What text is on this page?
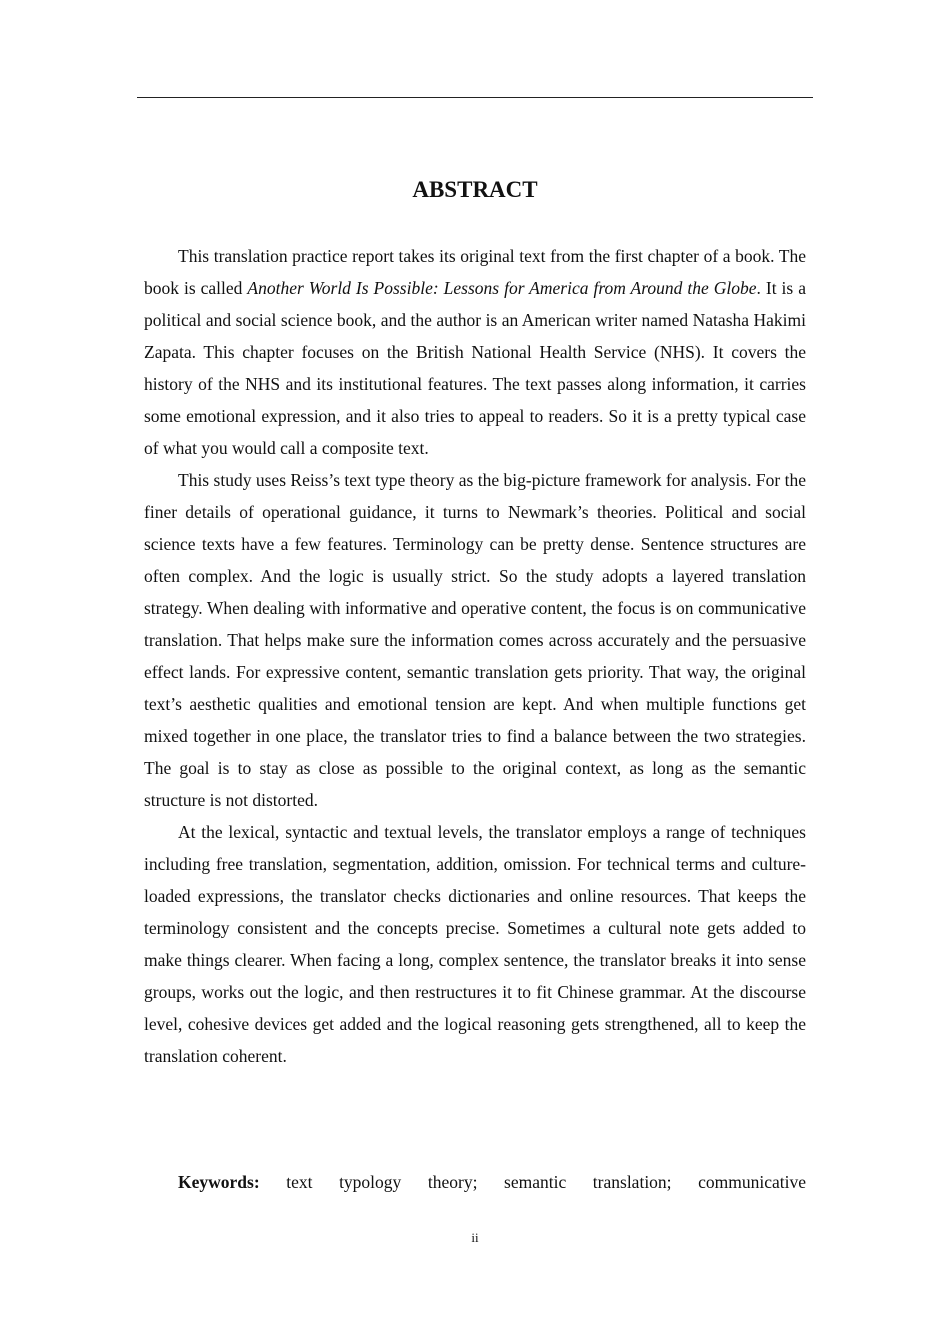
ABSTRACT

This translation practice report takes its original text from the first chapter of a book. The book is called Another World Is Possible: Lessons for America from Around the Globe. It is a political and social science book, and the author is an American writer named Natasha Hakimi Zapata. This chapter focuses on the British National Health Service (NHS). It covers the history of the NHS and its institutional features. The text passes along information, it carries some emotional expression, and it also tries to appeal to readers. So it is a pretty typical case of what you would call a composite text.

This study uses Reiss’s text type theory as the big-picture framework for analysis. For the finer details of operational guidance, it turns to Newmark’s theories. Political and social science texts have a few features. Terminology can be pretty dense. Sentence structures are often complex. And the logic is usually strict. So the study adopts a layered translation strategy. When dealing with informative and operative content, the focus is on communicative translation. That helps make sure the information comes across accurately and the persuasive effect lands. For expressive content, semantic translation gets priority. That way, the original text’s aesthetic qualities and emotional tension are kept. And when multiple functions get mixed together in one place, the translator tries to find a balance between the two strategies. The goal is to stay as close as possible to the original context, as long as the semantic structure is not distorted.

At the lexical, syntactic and textual levels, the translator employs a range of techniques including free translation, segmentation, addition, omission. For technical terms and culture-loaded expressions, the translator checks dictionaries and online resources. That keeps the terminology consistent and the concepts precise. Sometimes a cultural note gets added to make things clearer. When facing a long, complex sentence, the translator breaks it into sense groups, works out the logic, and then restructures it to fit Chinese grammar. At the discourse level, cohesive devices get added and the logical reasoning gets strengthened, all to keep the translation coherent.

Keywords: text typology theory; semantic translation; communicative
ii
